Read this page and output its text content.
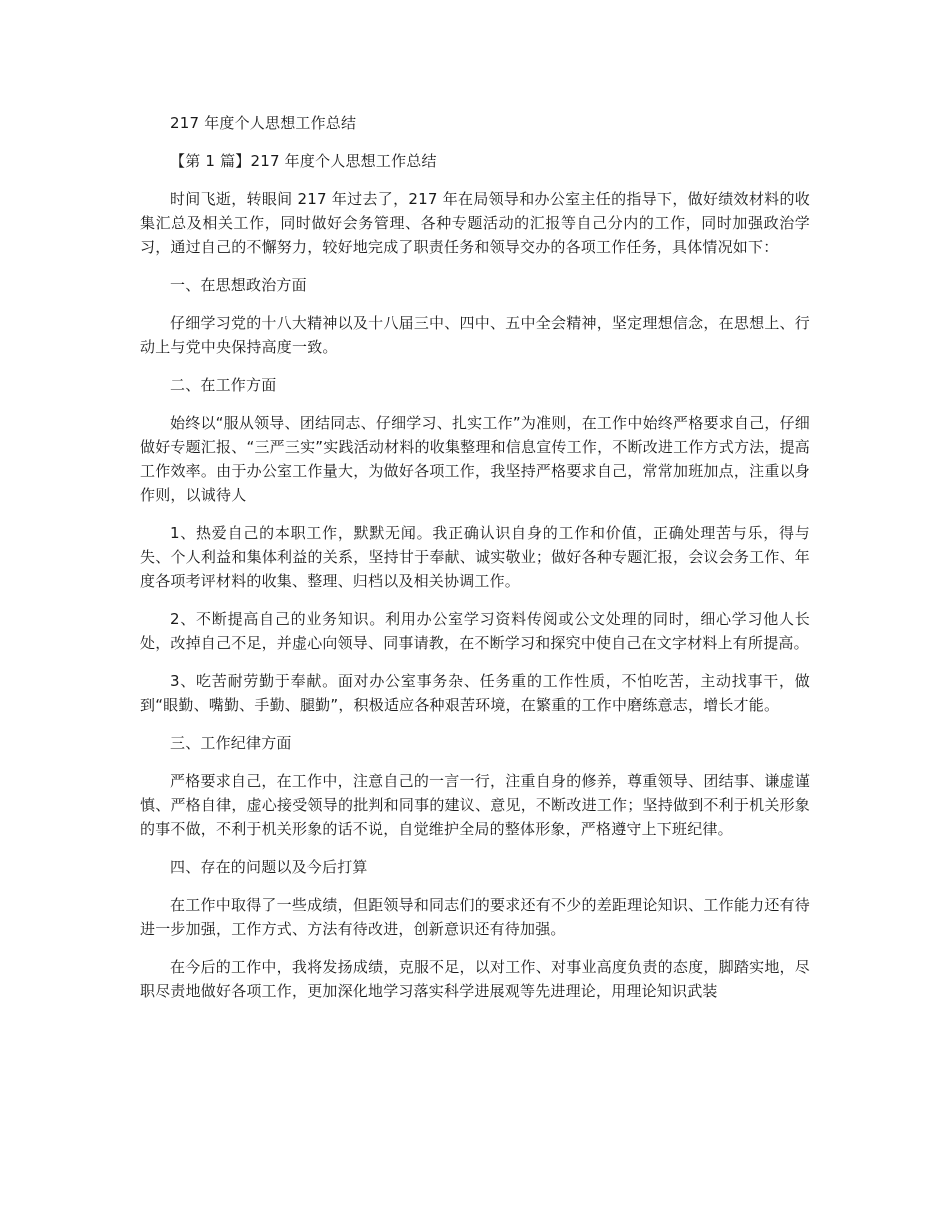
217 年度个人思想工作总结

【第 1 篇】217 年度个人思想工作总结

时间飞逝，转眼间 217 年过去了，217 年在局领导和办公室主任的指导下，做好绩效材料的收集汇总及相关工作，同时做好会务管理、各种专题活动的汇报等自己分内的工作，同时加强政治学习，通过自己的不懈努力，较好地完成了职责任务和领导交办的各项工作任务，具体情况如下：

一、在思想政治方面

仔细学习党的十八大精神以及十八届三中、四中、五中全会精神，坚定理想信念，在思想上、行动上与党中央保持高度一致。

二、在工作方面

始终以“服从领导、团结同志、仔细学习、扎实工作”为准则，在工作中始终严格要求自己，仔细做好专题汇报、“三严三实”实践活动材料的收集整理和信息宣传工作，不断改进工作方式方法，提高工作效率。由于办公室工作量大，为做好各项工作，我坚持严格要求自己，常常加班加点，注重以身作则，以诚待人

1、热爱自己的本职工作，默默无闻。我正确认识自身的工作和价值，正确处理苦与乐，得与失、个人利益和集体利益的关系，坚持甘于奉献、诚实敬业；做好各种专题汇报，会议会务工作、年度各项考评材料的收集、整理、归档以及相关协调工作。

2、不断提高自己的业务知识。利用办公室学习资料传阅或公文处理的同时，细心学习他人长处，改掉自己不足，并虚心向领导、同事请教，在不断学习和探究中使自己在文字材料上有所提高。

3、吃苦耐劳勤于奉献。面对办公室事务杂、任务重的工作性质，不怕吃苦，主动找事干，做到“眼勤、嘴勤、手勤、腿勤”，积极适应各种艰苦环境，在繁重的工作中磨练意志，增长才能。

三、工作纪律方面

严格要求自己，在工作中，注意自己的一言一行，注重自身的修养，尊重领导、团结事、谦虚谨慎、严格自律，虚心接受领导的批判和同事的建议、意见，不断改进工作；坚持做到不利于机关形象的事不做，不利于机关形象的话不说，自觉维护全局的整体形象，严格遵守上下班纪律。

四、存在的问题以及今后打算

在工作中取得了一些成绩，但距领导和同志们的要求还有不少的差距理论知识、工作能力还有待进一步加强，工作方式、方法有待改进，创新意识还有待加强。

在今后的工作中，我将发扬成绩，克服不足，以对工作、对事业高度负责的态度，脚踏实地，尽职尽责地做好各项工作，更加深化地学习落实科学进展观等先进理论，用理论知识武装
